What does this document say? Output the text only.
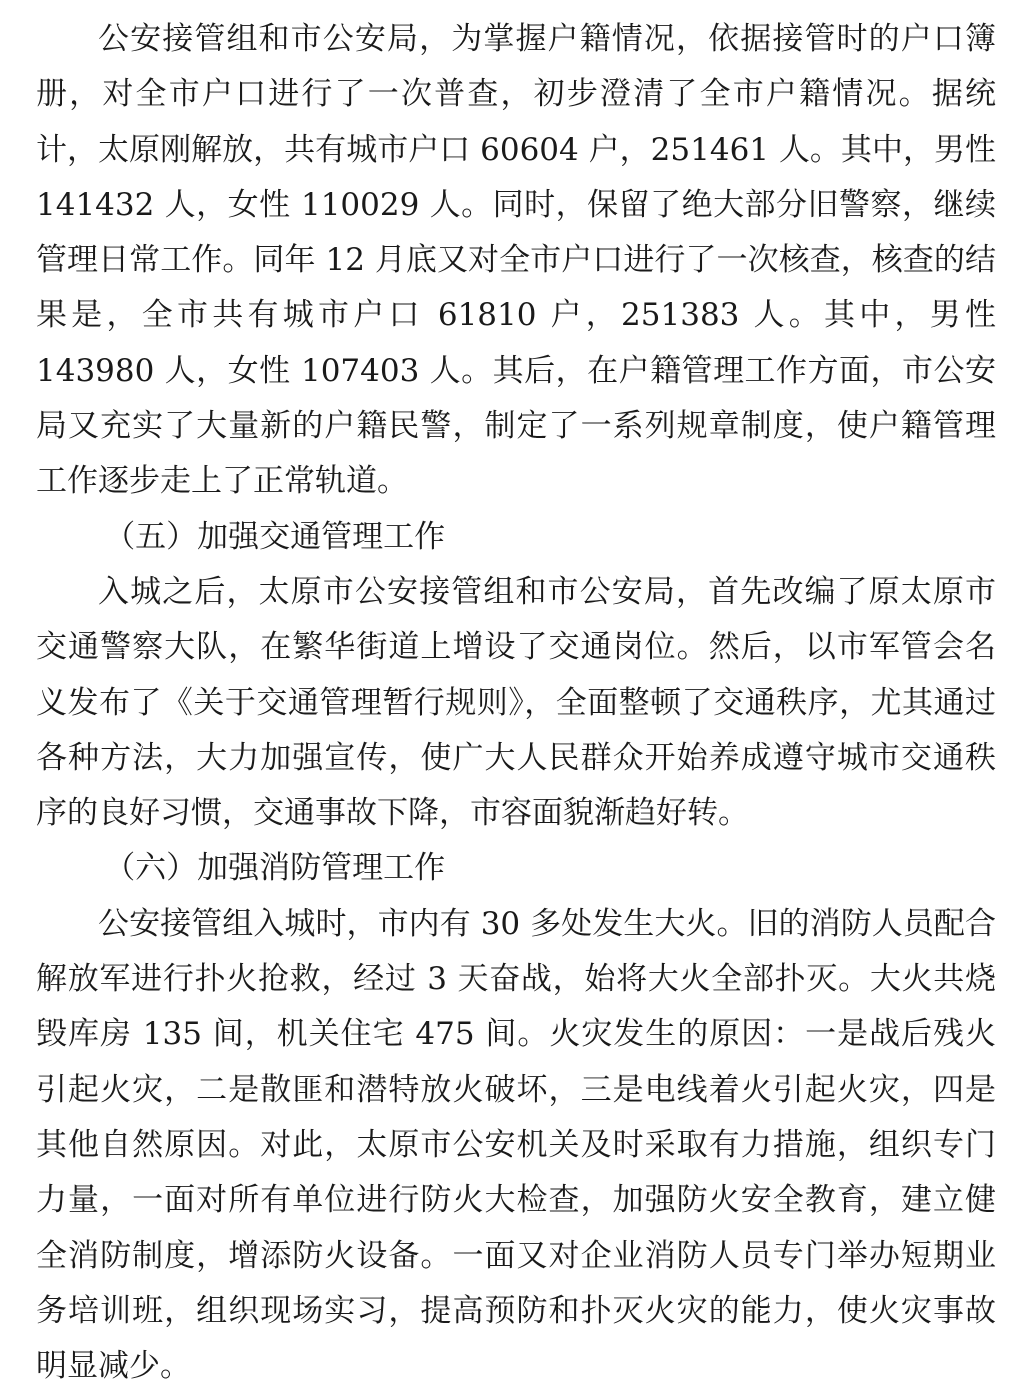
公安接管组和市公安局，为掌握户籍情况，依据接管时的户口簿册，对全市户口进行了一次普查，初步澄清了全市户籍情况。据统计，太原刚解放，共有城市户口 60604 户，251461 人。其中，男性 141432 人，女性 110029 人。同时，保留了绝大部分旧警察，继续管理日常工作。同年 12 月底又对全市户口进行了一次核查，核查的结果是，全市共有城市户口 61810 户，251383 人。其中，男性 143980 人，女性 107403 人。其后，在户籍管理工作方面，市公安局又充实了大量新的户籍民警，制定了一系列规章制度，使户籍管理工作逐步走上了正常轨道。

（五）加强交通管理工作

入城之后，太原市公安接管组和市公安局，首先改编了原太原市交通警察大队，在繁华街道上增设了交通岗位。然后，以市军管会名义发布了《关于交通管理暂行规则》，全面整顿了交通秩序，尤其通过各种方法，大力加强宣传，使广大人民群众开始养成遵守城市交通秩序的良好习惯，交通事故下降，市容面貌渐趋好转。

（六）加强消防管理工作

公安接管组入城时，市内有 30 多处发生大火。旧的消防人员配合解放军进行扑火抢救，经过 3 天奋战，始将大火全部扑灭。大火共烧毁库房 135 间，机关住宅 475 间。火灾发生的原因：一是战后残火引起火灾，二是散匪和潜特放火破坏，三是电线着火引起火灾，四是其他自然原因。对此，太原市公安机关及时采取有力措施，组织专门力量，一面对所有单位进行防火大检查，加强防火安全教育，建立健全消防制度，增添防火设备。一面又对企业消防人员专门举办短期业务培训班，组织现场实习，提高预防和扑灭火灾的能力，使火灾事故明显减少。
